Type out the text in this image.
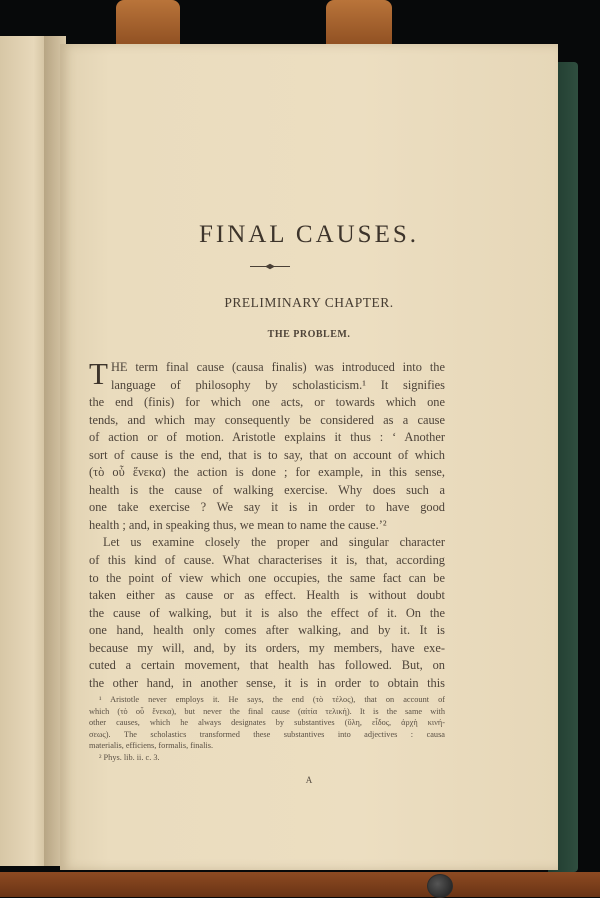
FINAL CAUSES.
PRELIMINARY CHAPTER.
THE PROBLEM.
T HE term final cause (causa finalis) was introduced into the
language of philosophy by scholasticism.¹ It signifies
the end (finis) for which one acts, or towards which one
tends, and which may consequently be considered as a cause
of action or of motion. Aristotle explains it thus : ‘ Another
sort of cause is the end, that is to say, that on account of which
(τὸ οὗ ἕνεκα) the action is done ; for example, in this sense,
health is the cause of walking exercise. Why does such a
one take exercise ? We say it is in order to have good
health ; and, in speaking thus, we mean to name the cause.’²
Let us examine closely the proper and singular character
of this kind of cause. What characterises it is, that, according
to the point of view which one occupies, the same fact can be
taken either as cause or as effect. Health is without doubt
the cause of walking, but it is also the effect of it. On the
one hand, health only comes after walking, and by it. It is
because my will, and, by its orders, my members, have exe-
cuted a certain movement, that health has followed. But, on
the other hand, in another sense, it is in order to obtain this
¹ Aristotle never employs it. He says, the end (τὸ τέλος), that on account of
which (τὸ οὗ ἕνεκα), but never the final cause (αἰτία τελική). It is the same with
other causes, which he always designates by substantives (ὕλη, εἶδος, ἀρχὴ κινή-
σεως). The scholastics transformed these substantives into adjectives : causa
materialis, efficiens, formalis, finalis.
² Phys. lib. ii. c. 3.

A
